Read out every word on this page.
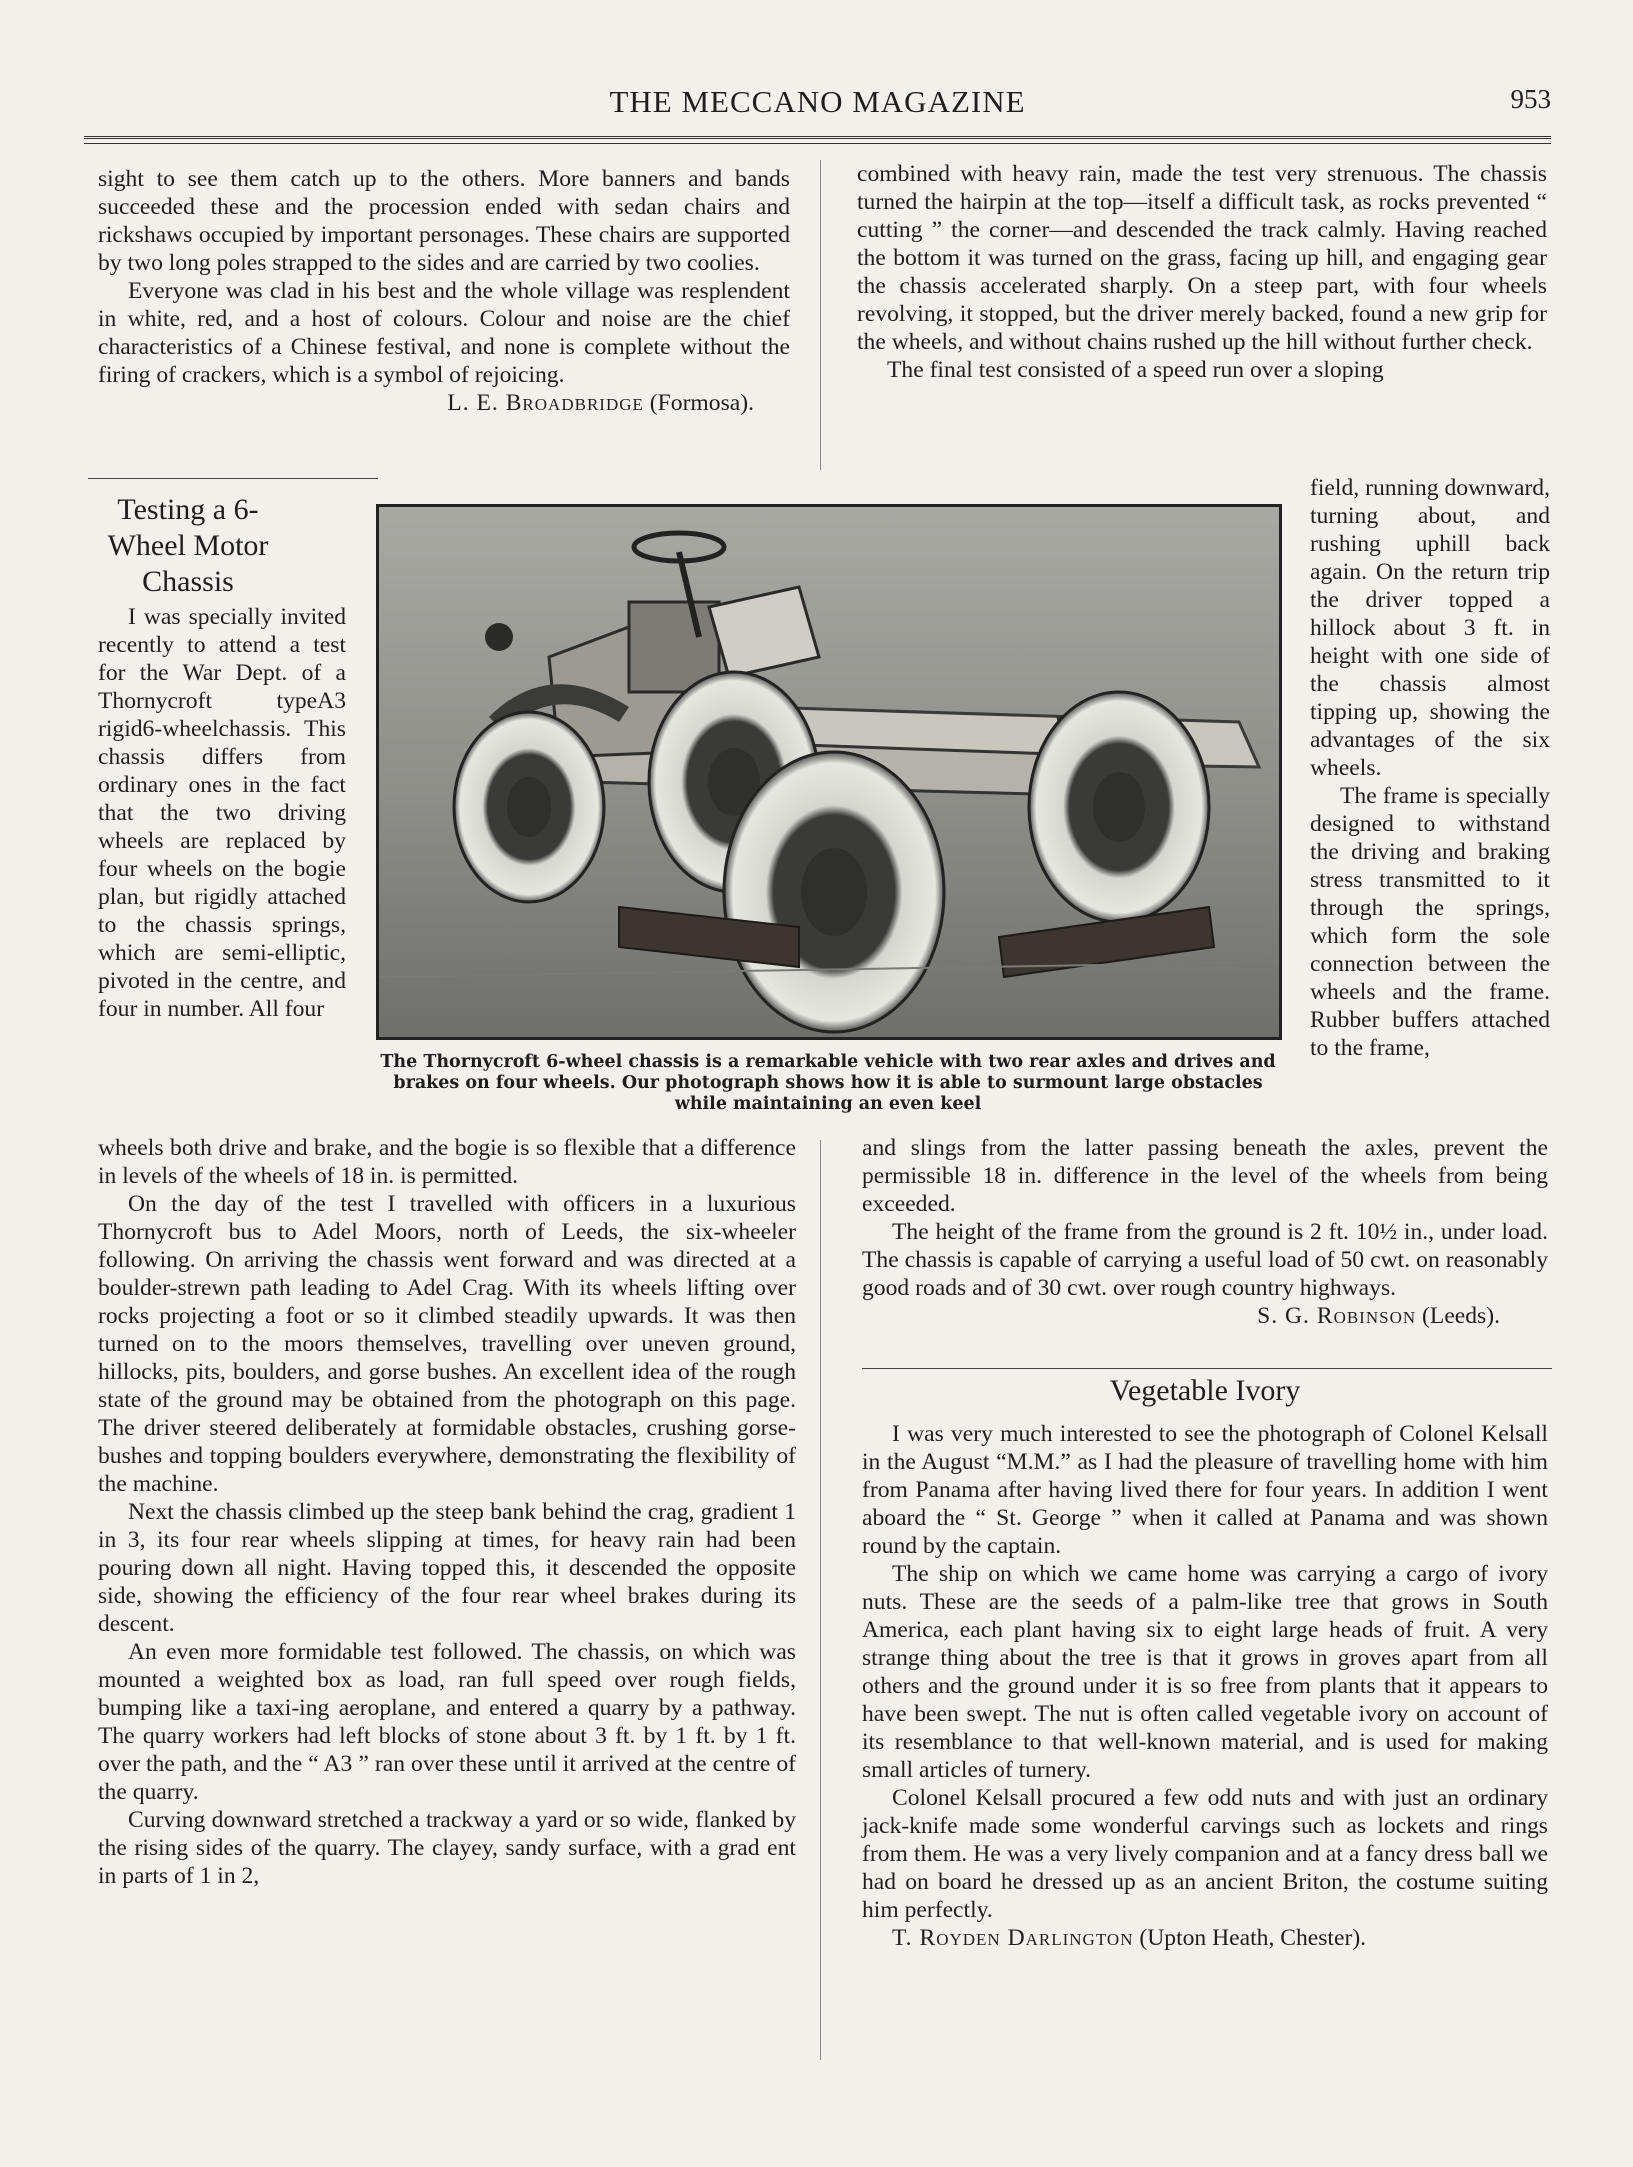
THE MECCANO MAGAZINE	953

sight to see them catch up to the others. More banners and bands succeeded these and the procession ended with sedan chairs and rickshaws occupied by important personages. These chairs are supported by two long poles strapped to the sides and are carried by two coolies.

Everyone was clad in his best and the whole village was resplendent in white, red, and a host of colours. Colour and noise are the chief characteristics of a Chinese festival, and none is complete without the firing of crackers, which is a symbol of rejoicing.

L. E. Broadbridge (Formosa).

combined with heavy rain, made the test very strenuous. The chassis turned the hairpin at the top—itself a difficult task, as rocks prevented “ cutting ” the corner—and descended the track calmly. Having reached the bottom it was turned on the grass, facing up hill, and engaging gear the chassis accelerated sharply. On a steep part, with four wheels revolving, it stopped, but the driver merely backed, found a new grip for the wheels, and without chains rushed up the hill without further check.

The final test consisted of a speed run over a sloping

Testing a 6-Wheel Motor Chassis

I was specially invited recently to attend a test for the War Dept. of a Thornycroft typeA3 rigid6-wheelchassis. This chassis differs from ordinary ones in the fact that the two driving wheels are replaced by four wheels on the bogie plan, but rigidly attached to the chassis springs, which are semi-elliptic, pivoted in the centre, and four in number. All four

field, running downward, turning about, and rushing uphill back again. On the return trip the driver topped a hillock about 3 ft. in height with one side of the chassis almost tipping up, showing the advantages of the six wheels.

The frame is specially designed to withstand the driving and braking stress transmitted to it through the springs, which form the sole connection between the wheels and the frame. Rubber buffers attached to the frame,

The Thornycroft 6-wheel chassis is a remarkable vehicle with two rear axles and drives and brakes on four wheels. Our photograph shows how it is able to surmount large obstacles while maintaining an even keel

wheels both drive and brake, and the bogie is so flexible that a difference in levels of the wheels of 18 in. is permitted.

On the day of the test I travelled with officers in a luxurious Thornycroft bus to Adel Moors, north of Leeds, the six-wheeler following. On arriving the chassis went forward and was directed at a boulder-strewn path leading to Adel Crag. With its wheels lifting over rocks projecting a foot or so it climbed steadily upwards. It was then turned on to the moors themselves, travelling over uneven ground, hillocks, pits, boulders, and gorse bushes. An excellent idea of the rough state of the ground may be obtained from the photograph on this page. The driver steered deliberately at formidable obstacles, crushing gorse-bushes and topping boulders everywhere, demonstrating the flexibility of the machine.

Next the chassis climbed up the steep bank behind the crag, gradient 1 in 3, its four rear wheels slipping at times, for heavy rain had been pouring down all night. Having topped this, it descended the opposite side, showing the efficiency of the four rear wheel brakes during its descent.

An even more formidable test followed. The chassis, on which was mounted a weighted box as load, ran full speed over rough fields, bumping like a taxi-ing aeroplane, and entered a quarry by a pathway. The quarry workers had left blocks of stone about 3 ft. by 1 ft. by 1 ft. over the path, and the “ A3 ” ran over these until it arrived at the centre of the quarry.

Curving downward stretched a trackway a yard or so wide, flanked by the rising sides of the quarry. The clayey, sandy surface, with a grad ent in parts of 1 in 2,

and slings from the latter passing beneath the axles, prevent the permissible 18 in. difference in the level of the wheels from being exceeded.

The height of the frame from the ground is 2 ft. 10½ in., under load. The chassis is capable of carrying a useful load of 50 cwt. on reasonably good roads and of 30 cwt. over rough country highways.

S. G. Robinson (Leeds).
Vegetable Ivory

I was very much interested to see the photograph of Colonel Kelsall in the August “M.M.” as I had the pleasure of travelling home with him from Panama after having lived there for four years. In addition I went aboard the “ St. George ” when it called at Panama and was shown round by the captain.

The ship on which we came home was carrying a cargo of ivory nuts. These are the seeds of a palm-like tree that grows in South America, each plant having six to eight large heads of fruit. A very strange thing about the tree is that it grows in groves apart from all others and the ground under it is so free from plants that it appears to have been swept. The nut is often called vegetable ivory on account of its resemblance to that well-known material, and is used for making small articles of turnery.

Colonel Kelsall procured a few odd nuts and with just an ordinary jack-knife made some wonderful carvings such as lockets and rings from them. He was a very lively companion and at a fancy dress ball we had on board he dressed up as an ancient Briton, the costume suiting him perfectly.

T. Royden Darlington (Upton Heath, Chester).
